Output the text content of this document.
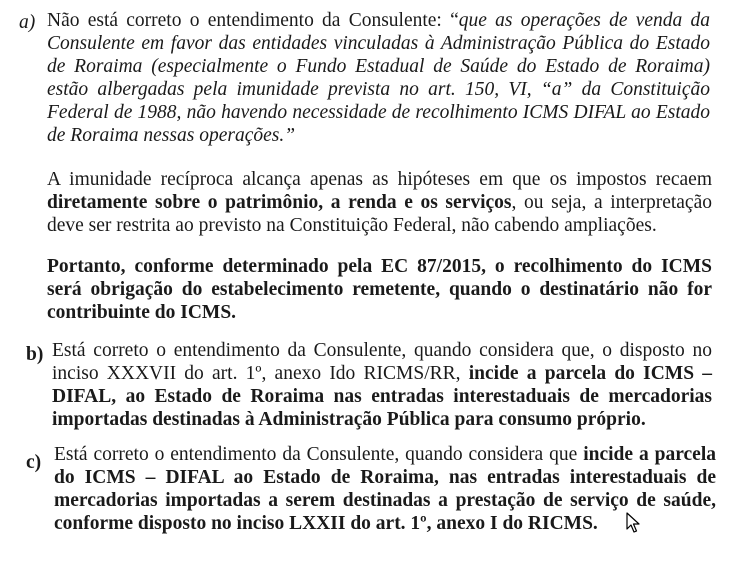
a) Não está correto o entendimento da Consulente: “que as operações de venda da Consulente em favor das entidades vinculadas à Administração Pública do Estado de Roraima (especialmente o Fundo Estadual de Saúde do Estado de Roraima) estão albergadas pela imunidade prevista no art. 150, VI, “a” da Constituição Federal de 1988, não havendo necessidade de recolhimento ICMS DIFAL ao Estado de Roraima nessas operações.”
A imunidade recíproca alcança apenas as hipóteses em que os impostos recaem diretamente sobre o patrimônio, a renda e os serviços, ou seja, a interpretação deve ser restrita ao previsto na Constituição Federal, não cabendo ampliações.
Portanto, conforme determinado pela EC 87/2015, o recolhimento do ICMS será obrigação do estabelecimento remetente, quando o destinatário não for contribuinte do ICMS.
b) Está correto o entendimento da Consulente, quando considera que, o disposto no inciso XXXVII do art. 1º, anexo Ido RICMS/RR, incide a parcela do ICMS – DIFAL, ao Estado de Roraima nas entradas interestaduais de mercadorias importadas destinadas à Administração Pública para consumo próprio.
c) Está correto o entendimento da Consulente, quando considera que incide a parcela do ICMS – DIFAL ao Estado de Roraima, nas entradas interestaduais de mercadorias importadas a serem destinadas a prestação de serviço de saúde, conforme disposto no inciso LXXII do art. 1º, anexo I do RICMS.
